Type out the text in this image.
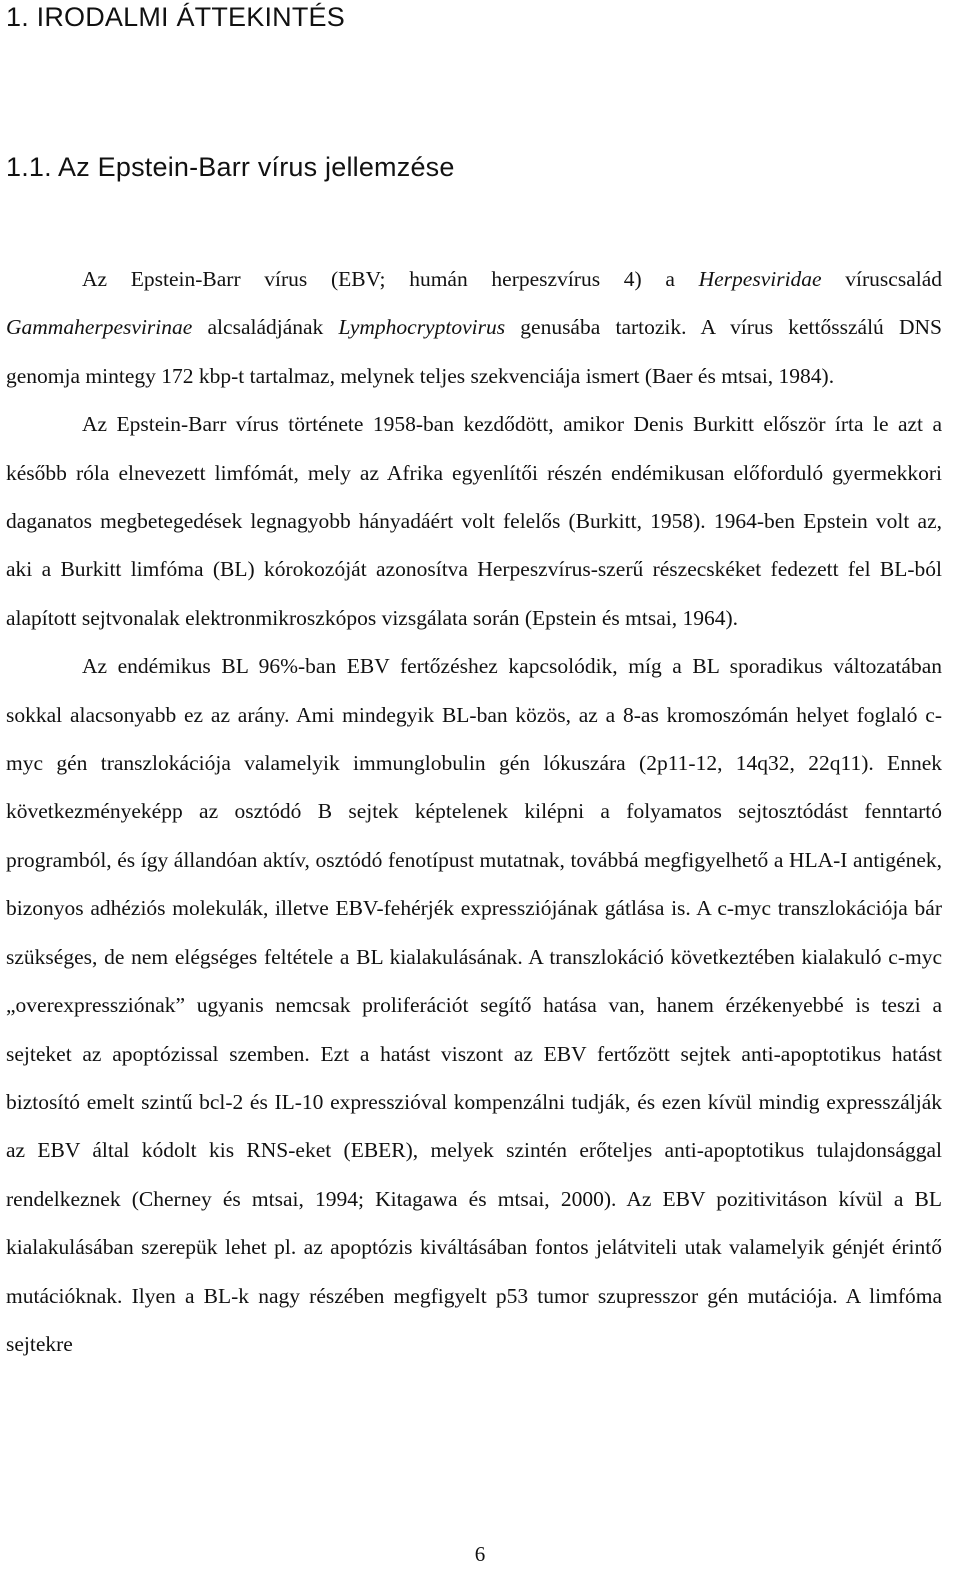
1. IRODALMI ÁTTEKINTÉS
1.1. Az Epstein-Barr vírus jellemzése

Az Epstein-Barr vírus (EBV; humán herpeszvírus 4) a Herpesviridae víruscsalád Gammaherpesvirinae alcsaládjának Lymphocryptovirus genusába tartozik. A vírus kettősszálú DNS genomja mintegy 172 kbp-t tartalmaz, melynek teljes szekvenciája ismert (Baer és mtsai, 1984).

Az Epstein-Barr vírus története 1958-ban kezdődött, amikor Denis Burkitt először írta le azt a később róla elnevezett limfómát, mely az Afrika egyenlítői részén endémikusan előforduló gyermekkori daganatos megbetegedések legnagyobb hányadáért volt felelős (Burkitt, 1958). 1964-ben Epstein volt az, aki a Burkitt limfóma (BL) kórokozóját azonosítva Herpeszvírus-szerű részecskéket fedezett fel BL-ból alapított sejtvonalak elektronmikroszkópos vizsgálata során (Epstein és mtsai, 1964).

Az endémikus BL 96%-ban EBV fertőzéshez kapcsolódik, míg a BL sporadikus változatában sokkal alacsonyabb ez az arány. Ami mindegyik BL-ban közös, az a 8-as kromoszómán helyet foglaló c-myc gén transzlokációja valamelyik immunglobulin gén lókuszára (2p11-12, 14q32, 22q11). Ennek következményeképp az osztódó B sejtek képtelenek kilépni a folyamatos sejtosztódást fenntartó programból, és így állandóan aktív, osztódó fenotípust mutatnak, továbbá megfigyelhető a HLA-I antigének, bizonyos adhéziós molekulák, illetve EBV-fehérjék expressziójának gátlása is. A c-myc transzlokációja bár szükséges, de nem elégséges feltétele a BL kialakulásának. A transzlokáció következtében kialakuló c-myc „overexpressziónak” ugyanis nemcsak proliferációt segítő hatása van, hanem érzékenyebbé is teszi a sejteket az apoptózissal szemben. Ezt a hatást viszont az EBV fertőzött sejtek anti-apoptotikus hatást biztosító emelt szintű bcl-2 és IL-10 expresszióval kompenzálni tudják, és ezen kívül mindig expresszálják az EBV által kódolt kis RNS-eket (EBER), melyek szintén erőteljes anti-apoptotikus tulajdonsággal rendelkeznek (Cherney és mtsai, 1994; Kitagawa és mtsai, 2000). Az EBV pozitivitáson kívül a BL kialakulásában szerepük lehet pl. az apoptózis kiváltásában fontos jelátviteli utak valamelyik génjét érintő mutációknak. Ilyen a BL-k nagy részében megfigyelt p53 tumor szupresszor gén mutációja. A limfóma sejtekre

6
